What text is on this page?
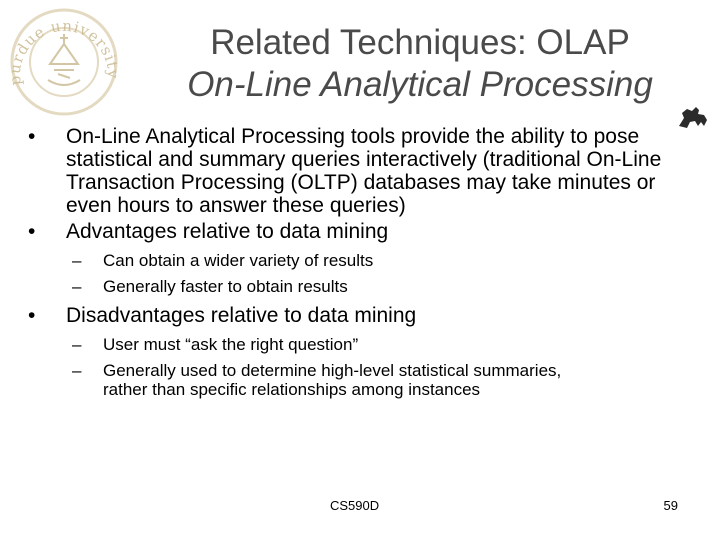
purdue university
Related Techniques: OLAP
On-Line Analytical Processing
• On-Line Analytical Processing tools provide the ability to pose statistical and summary queries interactively (traditional On-Line Transaction Processing (OLTP) databases may take minutes or even hours to answer these queries)
• Advantages relative to data mining
– Can obtain a wider variety of results
– Generally faster to obtain results
• Disadvantages relative to data mining
– User must “ask the right question”
– Generally used to determine high-level statistical summaries,
rather than specific relationships among instances
CS590D	59
